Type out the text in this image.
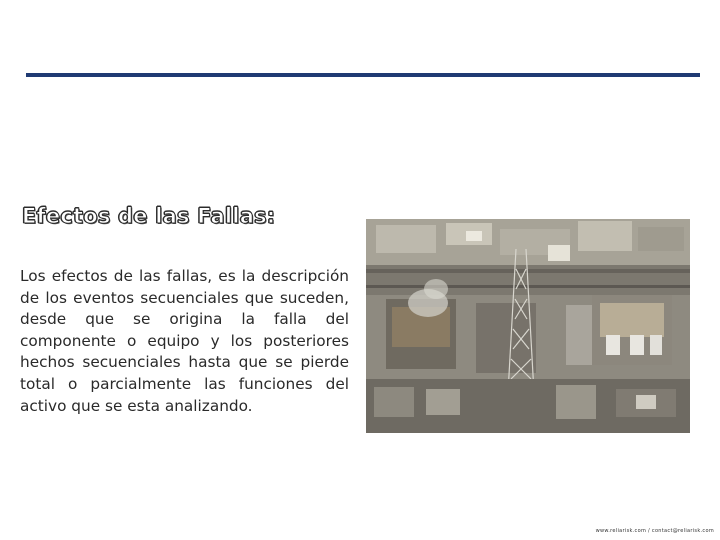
Efectos de las Fallas:
Los efectos de las fallas, es la descripción de los eventos secuenciales que suceden, desde que se origina la falla del componente o equipo y los posteriores hechos secuenciales hasta que se pierde total o parcialmente las funciones del activo que se esta analizando.
www.reliarisk.com / contact@reliarisk.com
